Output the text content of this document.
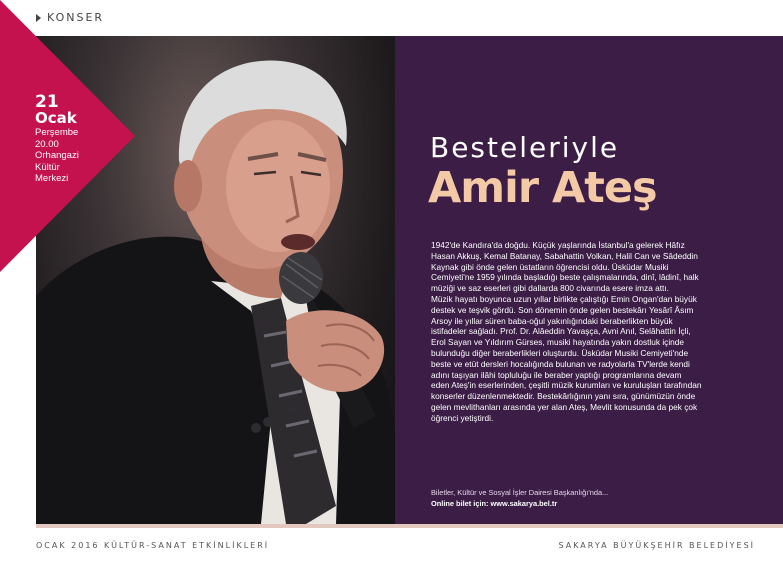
KONSER
21
Ocak
Perşembe
20.00
Orhangazi
Kültür
Merkezi
Besteleriyle
Amir Ateş
1942'de Kandıra'da doğdu. Küçük yaşlarında İstanbul'a gelerek Hâfız
Hasan Akkuş, Kemal Batanay, Sabahattin Volkan, Halil Can ve Sâdeddin
Kaynak gibi önde gelen üstatların öğrencisi oldu. Üsküdar Musiki
Cemiyeti'ne 1959 yılında başladığı beste çalışmalarında, dinî, lâdinî, halk
müziği ve saz eserleri gibi dallarda 800 civarında esere imza attı.
Müzik hayatı boyunca uzun yıllar birlikte çalıştığı Emin Ongan'dan büyük
destek ve teşvik gördü. Son dönemin önde gelen bestekârı Yesârî Âsım
Arsoy ile yıllar süren baba-oğul yakınlığındaki beraberlikten büyük
istifadeler sağladı. Prof. Dr. Alâeddin Yavaşça, Avni Anıl, Selâhattin İçli,
Erol Sayan ve Yıldırım Gürses, musiki hayatında yakın dostluk içinde
bulunduğu diğer beraberlikleri oluşturdu. Üsküdar Musiki Cemiyeti'nde
beste ve etüt dersleri hocalığında bulunan ve radyolarla TV'lerde kendi
adını taşıyan ilâhi topluluğu ile beraber yaptığı programlarına devam
eden Ateş'in eserlerinden, çeşitli müzik kurumları ve kuruluşları tarafından
konserler düzenlenmektedir. Bestekârlığının yanı sıra, günümüzün önde
gelen mevlithanları arasında yer alan Ateş, Mevlit konusunda da pek çok
öğrenci yetiştirdi.
Biletler, Kültür ve Sosyal İşler Dairesi Başkanlığı'nda...
Online bilet için: www.sakarya.bel.tr
OCAK 2016 KÜLTÜR-SANAT ETKİNLİKLERİ	SAKARYA BÜYÜKŞEHİR BELEDİYESİ
